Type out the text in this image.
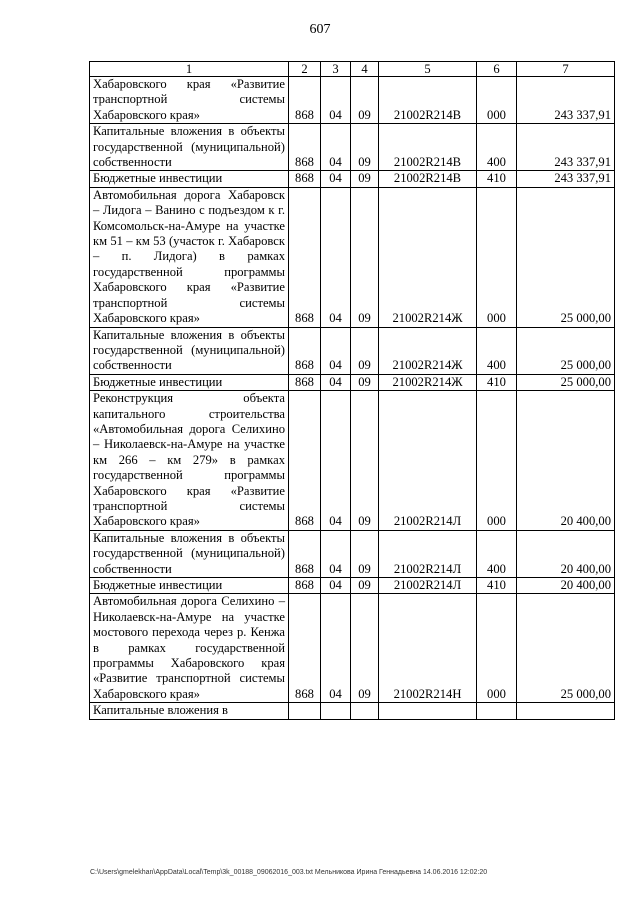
607
1	2	3	4	5	6	7
Хабаровского края «Развитие транспортной системы Хабаровского края»	868	04	09	21002R214В	000	243 337,91
Капитальные вложения в объекты государственной (муниципальной) собственности	868	04	09	21002R214В	400	243 337,91
Бюджетные инвестиции	868	04	09	21002R214В	410	243 337,91
Автомобильная дорога Хабаровск – Лидога – Ванино с подъездом к г. Комсомольск-на-Амуре на участке км 51 – км 53 (участок г. Хабаровск – п. Лидога) в рамках государственной программы Хабаровского края «Развитие транспортной системы Хабаровского края»	868	04	09	21002R214Ж	000	25 000,00
Капитальные вложения в объекты государственной (муниципальной) собственности	868	04	09	21002R214Ж	400	25 000,00
Бюджетные инвестиции	868	04	09	21002R214Ж	410	25 000,00
Реконструкция объекта капитального строительства «Автомобильная дорога Селихино – Николаевск-на-Амуре на участке км 266 – км 279» в рамках государственной программы Хабаровского края «Развитие транспортной системы Хабаровского края»	868	04	09	21002R214Л	000	20 400,00
Капитальные вложения в объекты государственной (муниципальной) собственности	868	04	09	21002R214Л	400	20 400,00
Бюджетные инвестиции	868	04	09	21002R214Л	410	20 400,00
Автомобильная дорога Селихино – Николаевск-на-Амуре на участке мостового перехода через р. Кенжа в рамках государственной программы Хабаровского края «Развитие транспортной системы Хабаровского края»	868	04	09	21002R214Н	000	25 000,00
Капитальные вложения в						
C:\Users\gmelekhan\AppData\Local\Temp\3k_00188_09062016_003.txt Мельникова Ирина Геннадьевна 14.06.2016 12:02:20
